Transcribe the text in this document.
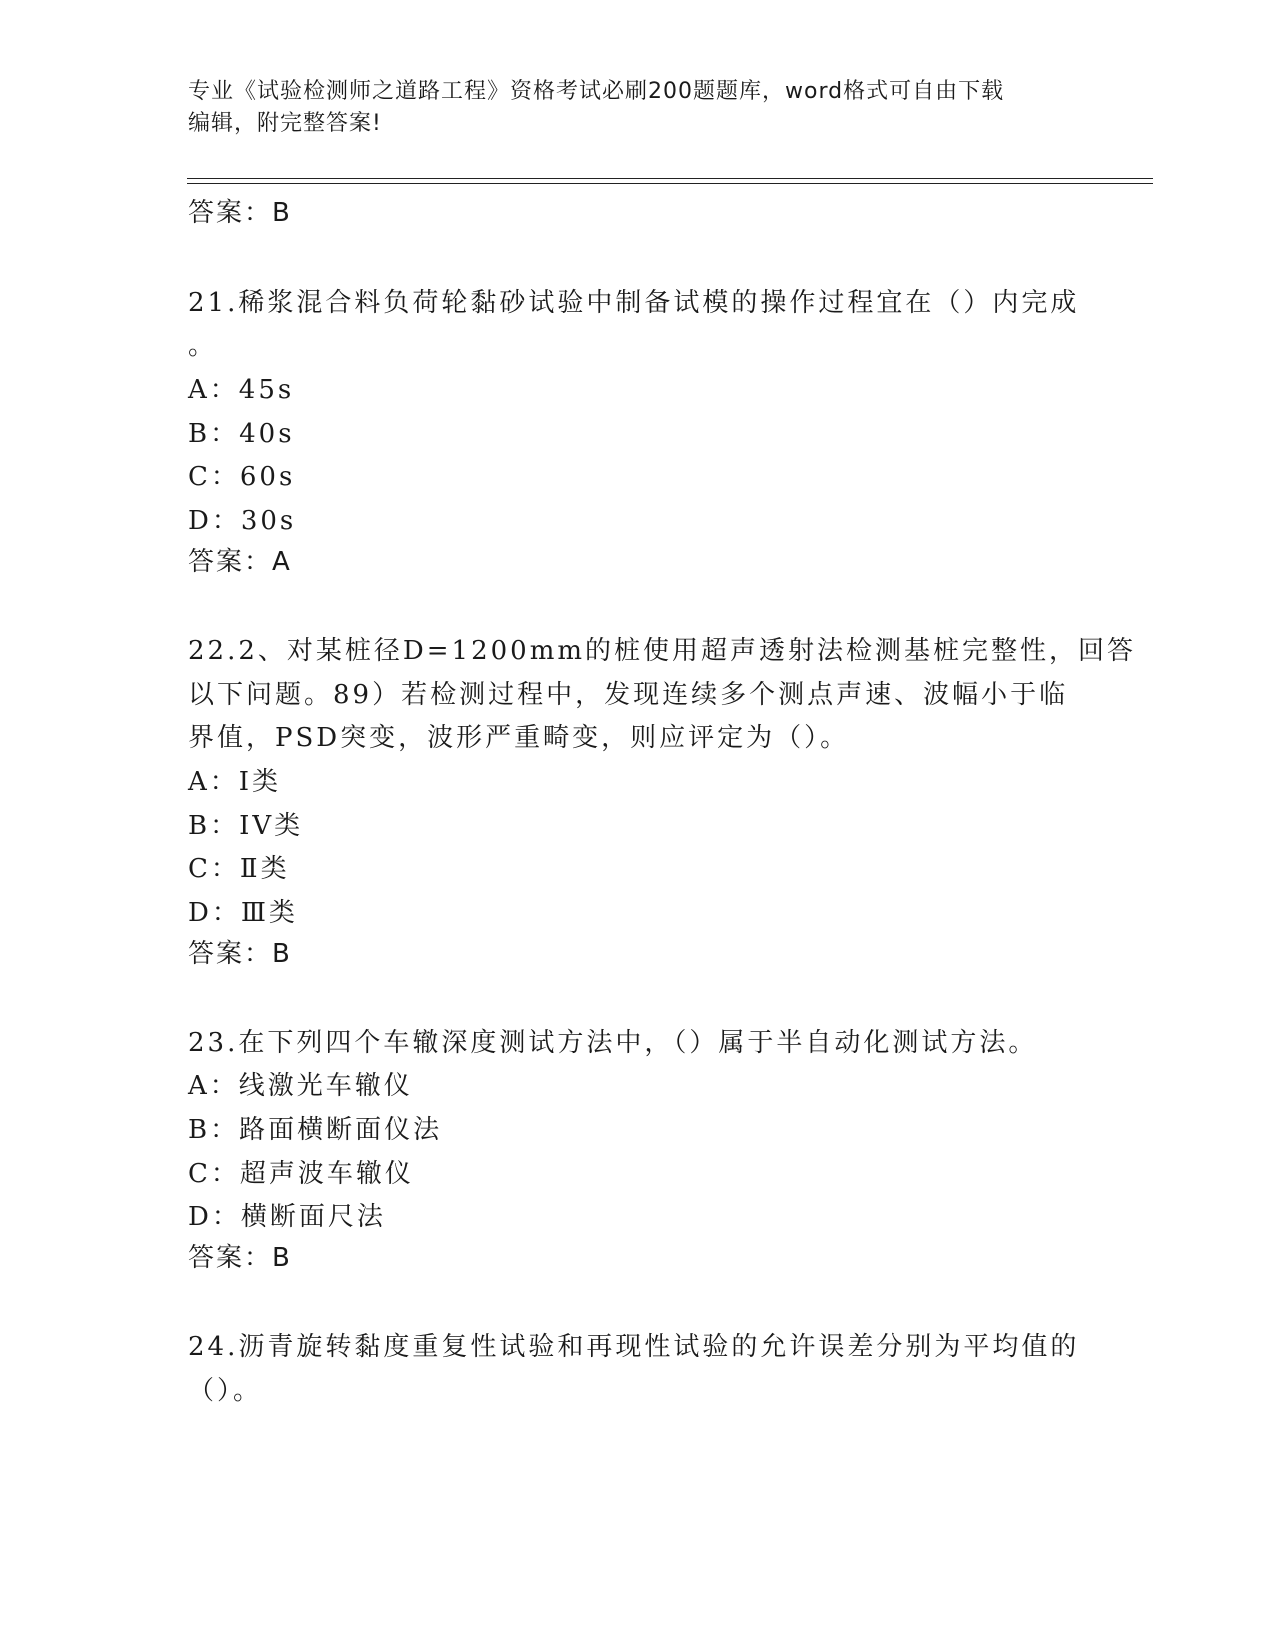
专业《试验检测师之道路工程》资格考试必刷200题题库，word格式可自由下载
编辑，附完整答案!
答案：B
21.稀浆混合料负荷轮黏砂试验中制备试模的操作过程宜在（）内完成
。
A：45s
B：40s
C：60s
D：30s
答案：A
22.2、对某桩径D=1200mm的桩使用超声透射法检测基桩完整性，回答
以下问题。89）若检测过程中，发现连续多个测点声速、波幅小于临
界值，PSD突变，波形严重畸变，则应评定为（）。
A：I类
B：IV类
C：Ⅱ类
D：Ⅲ类
答案：B
23.在下列四个车辙深度测试方法中，（）属于半自动化测试方法。
A：线激光车辙仪
B：路面横断面仪法
C：超声波车辙仪
D：横断面尺法
答案：B
24.沥青旋转黏度重复性试验和再现性试验的允许误差分别为平均值的
（）。
